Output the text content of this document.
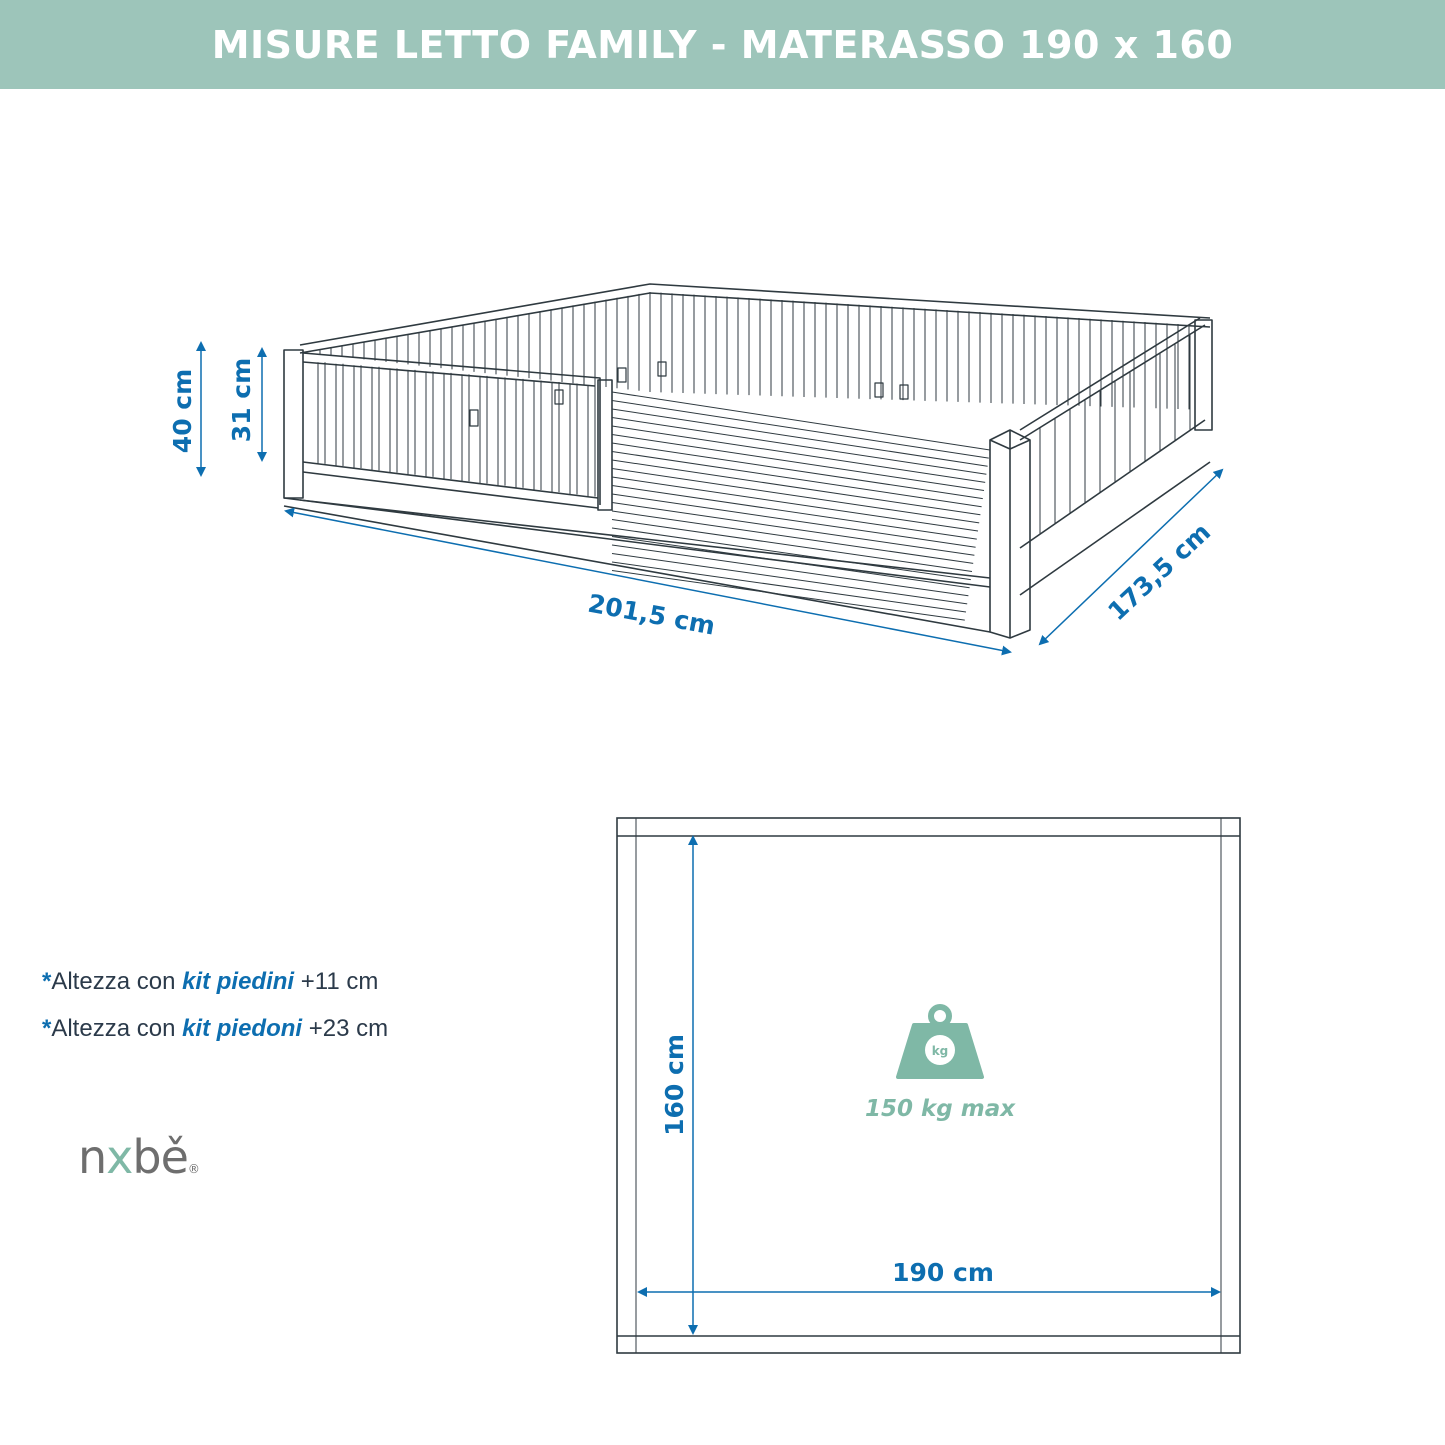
MISURE LETTO FAMILY - MATERASSO 190 x 160
40 cm 31 cm
201,5 cm	173,5 cm
160 cm
190 cm
kg
150 kg max
*Altezza con kit piedini +11 cm
*Altezza con kit piedoni +23 cm
nxbě®
